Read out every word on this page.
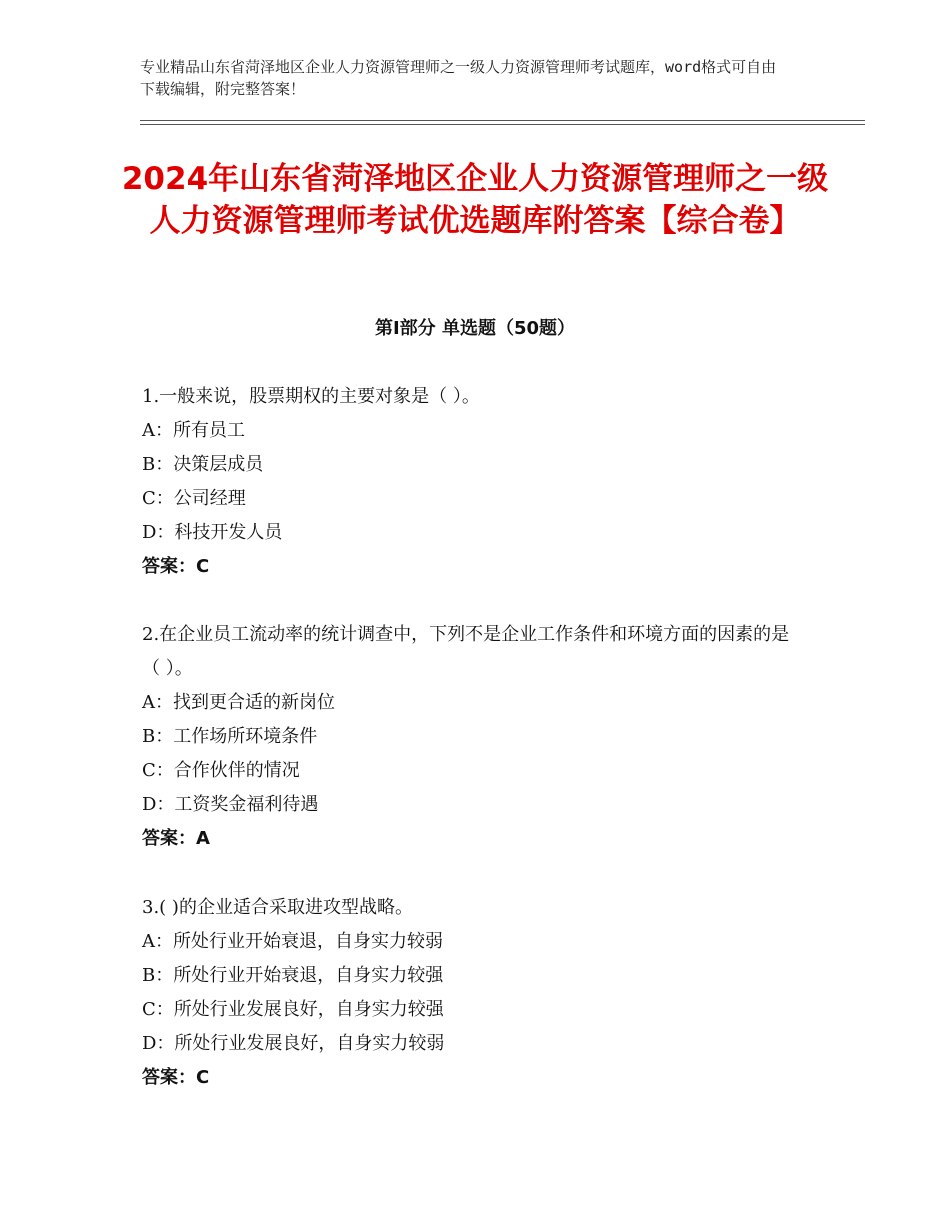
专业精品山东省菏泽地区企业人力资源管理师之一级人力资源管理师考试题库，word格式可自由下载编辑，附完整答案！
2024年山东省菏泽地区企业人力资源管理师之一级人力资源管理师考试优选题库附答案【综合卷】
第Ⅰ部分 单选题（50题）

1.一般来说，股票期权的主要对象是（ ）。

A：所有员工
B：决策层成员
C：公司经理
D：科技开发人员

答案：C

2.在企业员工流动率的统计调查中，下列不是企业工作条件和环境方面的因素的是（ ）。

A：找到更合适的新岗位
B：工作场所环境条件
C：合作伙伴的情况
D：工资奖金福利待遇

答案：A

3.( )的企业适合采取进攻型战略。

A：所处行业开始衰退，自身实力较弱
B：所处行业开始衰退，自身实力较强
C：所处行业发展良好，自身实力较强
D：所处行业发展良好，自身实力较弱

答案：C
